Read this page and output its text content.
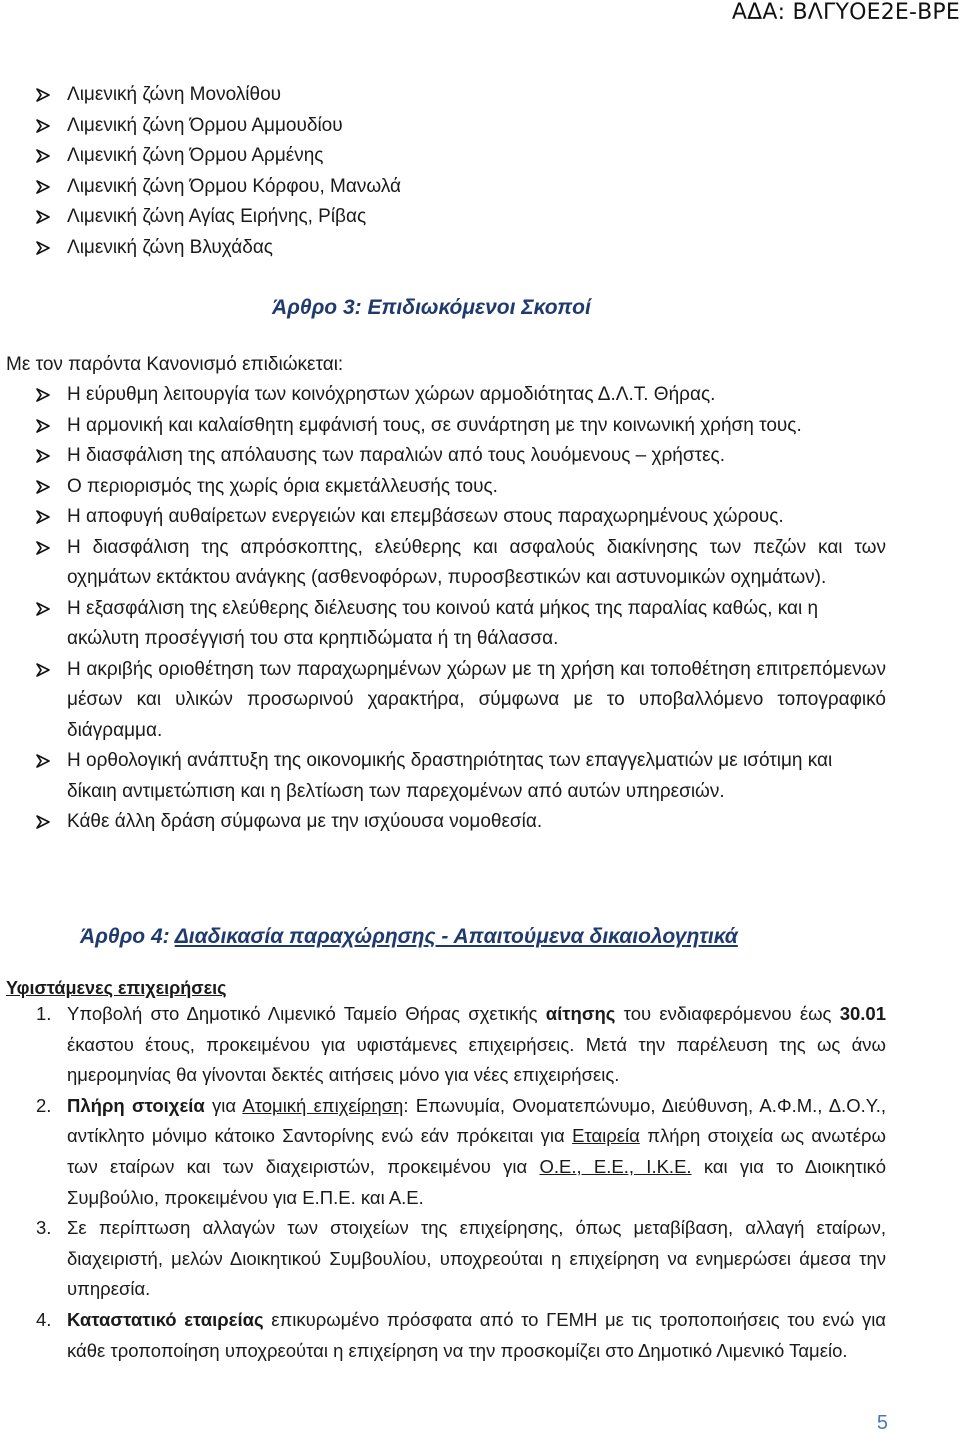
ΑΔΑ: ΒΛΓΥΟΕ2Ε-ΒΡΕ
Λιμενική ζώνη Μονολίθου
Λιμενική ζώνη Όρμου Αμμουδίου
Λιμενική ζώνη Όρμου Αρμένης
Λιμενική ζώνη Όρμου Κόρφου, Μανωλά
Λιμενική ζώνη Αγίας Ειρήνης, Ρίβας
Λιμενική ζώνη Βλυχάδας
Άρθρο 3: Επιδιωκόμενοι Σκοποί
Με τον παρόντα Κανονισμό επιδιώκεται:
Η εύρυθμη λειτουργία των κοινόχρηστων χώρων αρμοδιότητας Δ.Λ.Τ. Θήρας.
Η αρμονική και καλαίσθητη εμφάνισή τους, σε συνάρτηση με την κοινωνική χρήση τους.
Η διασφάλιση της απόλαυσης των παραλιών από τους λουόμενους – χρήστες.
Ο περιορισμός της χωρίς όρια εκμετάλλευσής τους.
Η αποφυγή αυθαίρετων ενεργειών και επεμβάσεων στους παραχωρημένους χώρους.
Η διασφάλιση της απρόσκοπτης, ελεύθερης και ασφαλούς διακίνησης των πεζών και των οχημάτων εκτάκτου ανάγκης (ασθενοφόρων, πυροσβεστικών και αστυνομικών οχημάτων).
Η εξασφάλιση της ελεύθερης διέλευσης του κοινού κατά μήκος της παραλίας καθώς, και η ακώλυτη προσέγγισή του στα κρηπιδώματα ή τη θάλασσα.
Η ακριβής οριοθέτηση των παραχωρημένων χώρων με τη χρήση και τοποθέτηση επιτρεπόμενων μέσων και υλικών προσωρινού χαρακτήρα, σύμφωνα με το υποβαλλόμενο τοπογραφικό διάγραμμα.
Η ορθολογική ανάπτυξη της οικονομικής δραστηριότητας των επαγγελματιών με ισότιμη και δίκαιη αντιμετώπιση και η βελτίωση των παρεχομένων από αυτών υπηρεσιών.
Κάθε άλλη δράση σύμφωνα με την ισχύουσα νομοθεσία.
Άρθρο 4: Διαδικασία παραχώρησης - Απαιτούμενα δικαιολογητικά
Υφιστάμενες επιχειρήσεις
1. Υποβολή στο Δημοτικό Λιμενικό Ταμείο Θήρας σχετικής αίτησης του ενδιαφερόμενου έως 30.01 έκαστου έτους, προκειμένου για υφιστάμενες επιχειρήσεις. Μετά την παρέλευση της ως άνω ημερομηνίας θα γίνονται δεκτές αιτήσεις μόνο για νέες επιχειρήσεις.
2. Πλήρη στοιχεία για Ατομική επιχείρηση: Επωνυμία, Ονοματεπώνυμο, Διεύθυνση, Α.Φ.Μ., Δ.Ο.Υ., αντίκλητο μόνιμο κάτοικο Σαντορίνης ενώ εάν πρόκειται για Εταιρεία πλήρη στοιχεία ως ανωτέρω των εταίρων και των διαχειριστών, προκειμένου για Ο.Ε., Ε.Ε., Ι.Κ.Ε. και για το Διοικητικό Συμβούλιο, προκειμένου για Ε.Π.Ε. και Α.Ε.
3. Σε περίπτωση αλλαγών των στοιχείων της επιχείρησης, όπως μεταβίβαση, αλλαγή εταίρων, διαχειριστή, μελών Διοικητικού Συμβουλίου, υποχρεούται η επιχείρηση να ενημερώσει άμεσα την υπηρεσία.
4. Καταστατικό εταιρείας επικυρωμένο πρόσφατα από το ΓΕΜΗ με τις τροποποιήσεις του ενώ για κάθε τροποποίηση υποχρεούται η επιχείρηση να την προσκομίζει στο Δημοτικό Λιμενικό Ταμείο.
5
